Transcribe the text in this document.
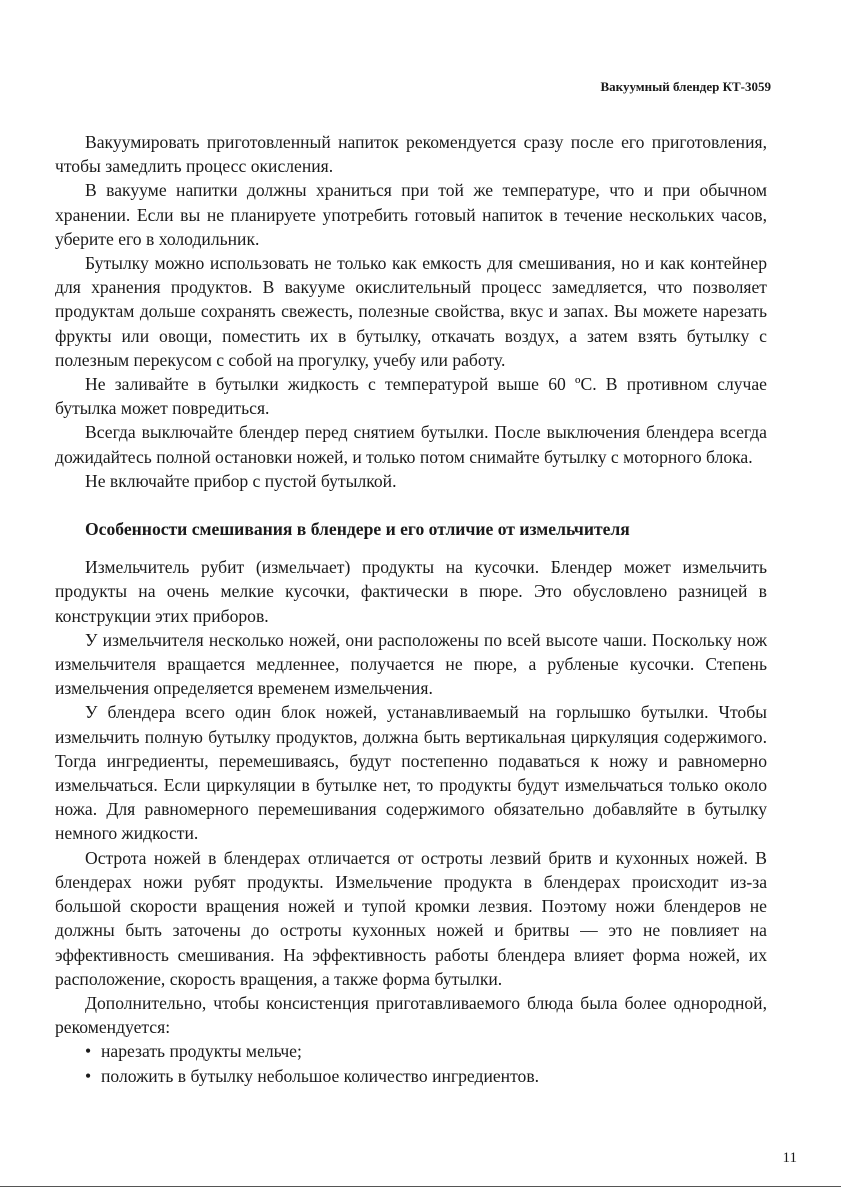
Вакуумный блендер КТ-3059

Вакуумировать приготовленный напиток рекомендуется сразу после его приготовления, чтобы замедлить процесс окисления.

В вакууме напитки должны храниться при той же температуре, что и при обычном хранении. Если вы не планируете употребить готовый напиток в течение нескольких часов, уберите его в холодильник.

Бутылку можно использовать не только как емкость для смешивания, но и как контейнер для хранения продуктов. В вакууме окислительный процесс замедляется, что позволяет продуктам дольше сохранять свежесть, полезные свойства, вкус и запах. Вы можете нарезать фрукты или овощи, поместить их в бутылку, откачать воздух, а затем взять бутылку с полезным перекусом с собой на прогулку, учебу или работу.

Не заливайте в бутылки жидкость с температурой выше 60 ºC. В противном случае бутылка может повредиться.

Всегда выключайте блендер перед снятием бутылки. После выключения блендера всегда дожидайтесь полной остановки ножей, и только потом снимайте бутылку с моторного блока.

Не включайте прибор с пустой бутылкой.

Особенности смешивания в блендере и его отличие от измельчителя

Измельчитель рубит (измельчает) продукты на кусочки. Блендер может измельчить продукты на очень мелкие кусочки, фактически в пюре. Это обусловлено разницей в конструкции этих приборов.

У измельчителя несколько ножей, они расположены по всей высоте чаши. Поскольку нож измельчителя вращается медленнее, получается не пюре, а рубленые кусочки. Степень измельчения определяется временем измельчения.

У блендера всего один блок ножей, устанавливаемый на горлышко бутылки. Чтобы измельчить полную бутылку продуктов, должна быть вертикальная циркуляция содержимого. Тогда ингредиенты, перемешиваясь, будут постепенно подаваться к ножу и равномерно измельчаться. Если циркуляции в бутылке нет, то продукты будут измельчаться только около ножа. Для равномерного перемешивания содержимого обязательно добавляйте в бутылку немного жидкости.

Острота ножей в блендерах отличается от остроты лезвий бритв и кухонных ножей. В блендерах ножи рубят продукты. Измельчение продукта в блендерах происходит из-за большой скорости вращения ножей и тупой кромки лезвия. Поэтому ножи блендеров не должны быть заточены до остроты кухонных ножей и бритвы — это не повлияет на эффективность смешивания. На эффективность работы блендера влияет форма ножей, их расположение, скорость вращения, а также форма бутылки.

Дополнительно, чтобы консистенция приготавливаемого блюда была более однородной, рекомендуется:

• нарезать продукты мельче;
• положить в бутылку небольшое количество ингредиентов.
11
